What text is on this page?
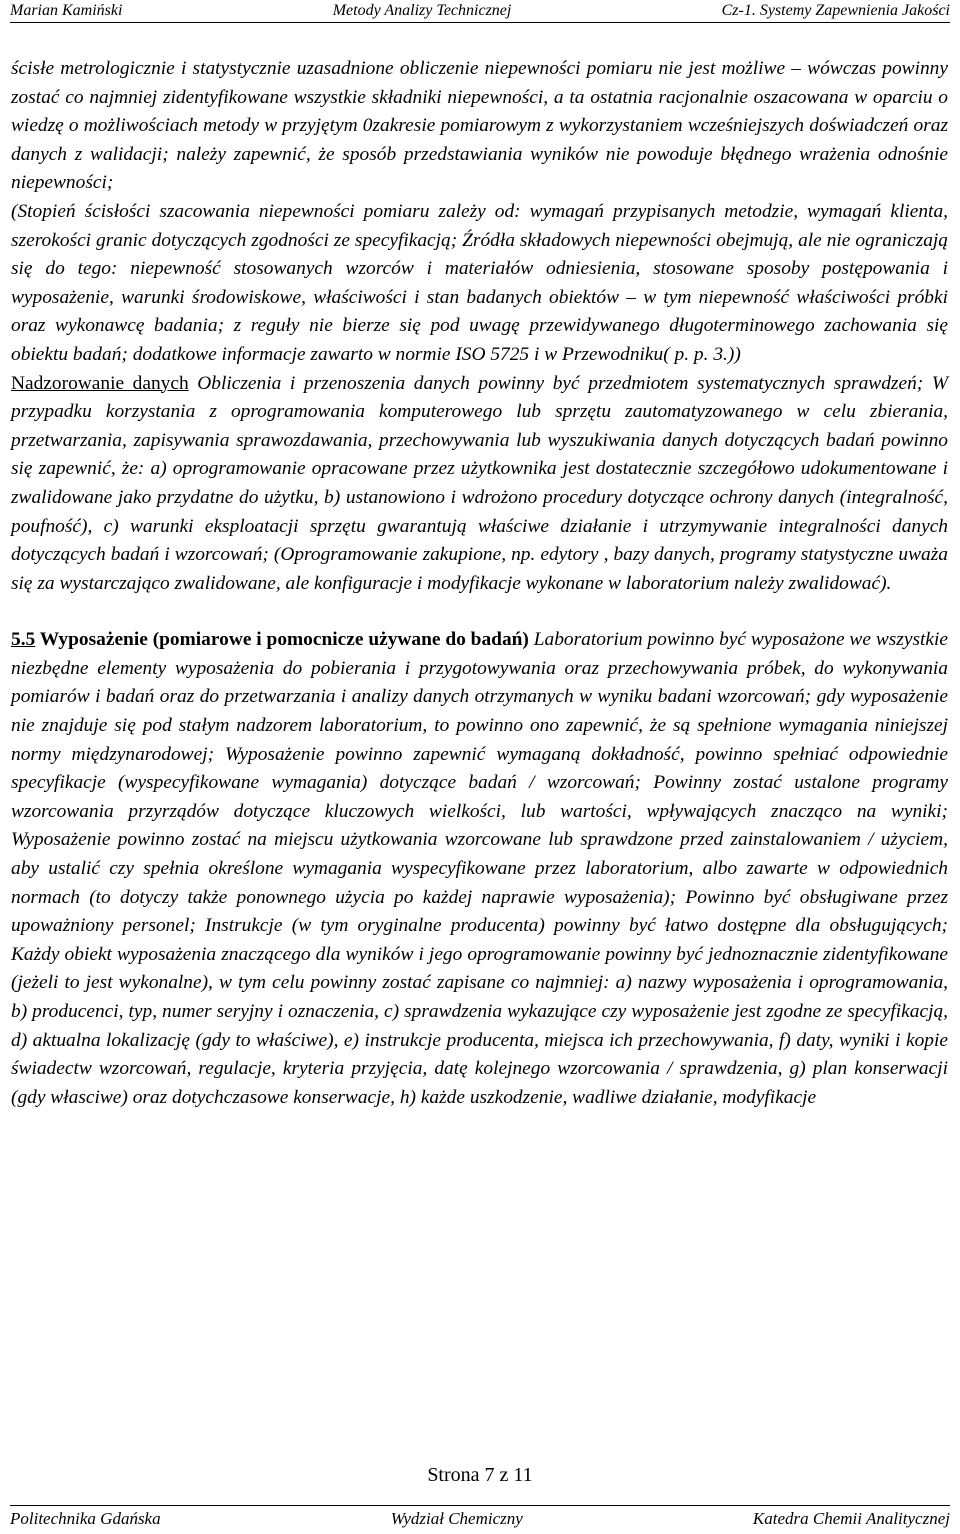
Marian Kamiński	Metody Analizy Technicznej	Cz-1. Systemy Zapewnienia Jakości

ścisłe metrologicznie i statystycznie uzasadnione obliczenie niepewności pomiaru nie jest możliwe – wówczas powinny zostać co najmniej zidentyfikowane wszystkie składniki niepewności, a ta ostatnia racjonalnie oszacowana w oparciu o wiedzę o możliwościach metody w przyjętym 0zakresie pomiarowym z wykorzystaniem wcześniejszych doświadczeń oraz danych z walidacji; należy zapewnić, że sposób przedstawiania wyników nie powoduje błędnego wrażenia odnośnie niepewności;

(Stopień ścisłości szacowania niepewności pomiaru zależy od: wymagań przypisanych metodzie, wymagań klienta, szerokości granic dotyczących zgodności ze specyfikacją; Źródła składowych niepewności obejmują, ale nie ograniczają się do tego: niepewność stosowanych wzorców i materiałów odniesienia, stosowane sposoby postępowania i wyposażenie, warunki środowiskowe, właściwości i stan badanych obiektów – w tym niepewność właściwości próbki oraz wykonawcę badania; z reguły nie bierze się pod uwagę przewidywanego długoterminowego zachowania się obiektu badań; dodatkowe informacje zawarto w normie ISO 5725 i w Przewodniku( p. p. 3.))

Nadzorowanie danych Obliczenia i przenoszenia danych powinny być przedmiotem systematycznych sprawdzeń; W przypadku korzystania z oprogramowania komputerowego lub sprzętu zautomatyzowanego w celu zbierania, przetwarzania, zapisywania sprawozdawania, przechowywania lub wyszukiwania danych dotyczących badań powinno się zapewnić, że: a) oprogramowanie opracowane przez użytkownika jest dostatecznie szczegółowo udokumentowane i zwalidowane jako przydatne do użytku, b) ustanowiono i wdrożono procedury dotyczące ochrony danych (integralność, poufność), c) warunki eksploatacji sprzętu gwarantują właściwe działanie i utrzymywanie integralności danych dotyczących badań i wzorcowań; (Oprogramowanie zakupione, np. edytory , bazy danych, programy statystyczne uważa się za wystarczająco zwalidowane, ale konfiguracje i modyfikacje wykonane w laboratorium należy zwalidować).

5.5 Wyposażenie (pomiarowe i pomocnicze używane do badań) Laboratorium powinno być wyposażone we wszystkie niezbędne elementy wyposażenia do pobierania i przygotowywania oraz przechowywania próbek, do wykonywania pomiarów i badań oraz do przetwarzania i analizy danych otrzymanych w wyniku badani wzorcowań; gdy wyposażenie nie znajduje się pod stałym nadzorem laboratorium, to powinno ono zapewnić, że są spełnione wymagania niniejszej normy międzynarodowej; Wyposażenie powinno zapewnić wymaganą dokładność, powinno spełniać odpowiednie specyfikacje (wyspecyfikowane wymagania) dotyczące badań / wzorcowań; Powinny zostać ustalone programy wzorcowania przyrządów dotyczące kluczowych wielkości, lub wartości, wpływających znacząco na wyniki; Wyposażenie powinno zostać na miejscu użytkowania wzorcowane lub sprawdzone przed zainstalowaniem / użyciem, aby ustalić czy spełnia określone wymagania wyspecyfikowane przez laboratorium, albo zawarte w odpowiednich normach (to dotyczy także ponownego użycia po każdej naprawie wyposażenia); Powinno być obsługiwane przez upoważniony personel; Instrukcje (w tym oryginalne producenta) powinny być łatwo dostępne dla obsługujących; Każdy obiekt wyposażenia znaczącego dla wyników i jego oprogramowanie powinny być jednoznacznie zidentyfikowane (jeżeli to jest wykonalne), w tym celu powinny zostać zapisane co najmniej: a) nazwy wyposażenia i oprogramowania, b) producenci, typ, numer seryjny i oznaczenia, c) sprawdzenia wykazujące czy wyposażenie jest zgodne ze specyfikacją, d) aktualna lokalizację (gdy to właściwe), e) instrukcje producenta, miejsca ich przechowywania, f) daty, wyniki i kopie świadectw wzorcowań, regulacje, kryteria przyjęcia, datę kolejnego wzorcowania / sprawdzenia, g) plan konserwacji (gdy własciwe) oraz dotychczasowe konserwacje, h) każde uszkodzenie, wadliwe działanie, modyfikacje

Strona 7 z 11
Politechnika Gdańska	Wydział Chemiczny	Katedra Chemii Analitycznej
